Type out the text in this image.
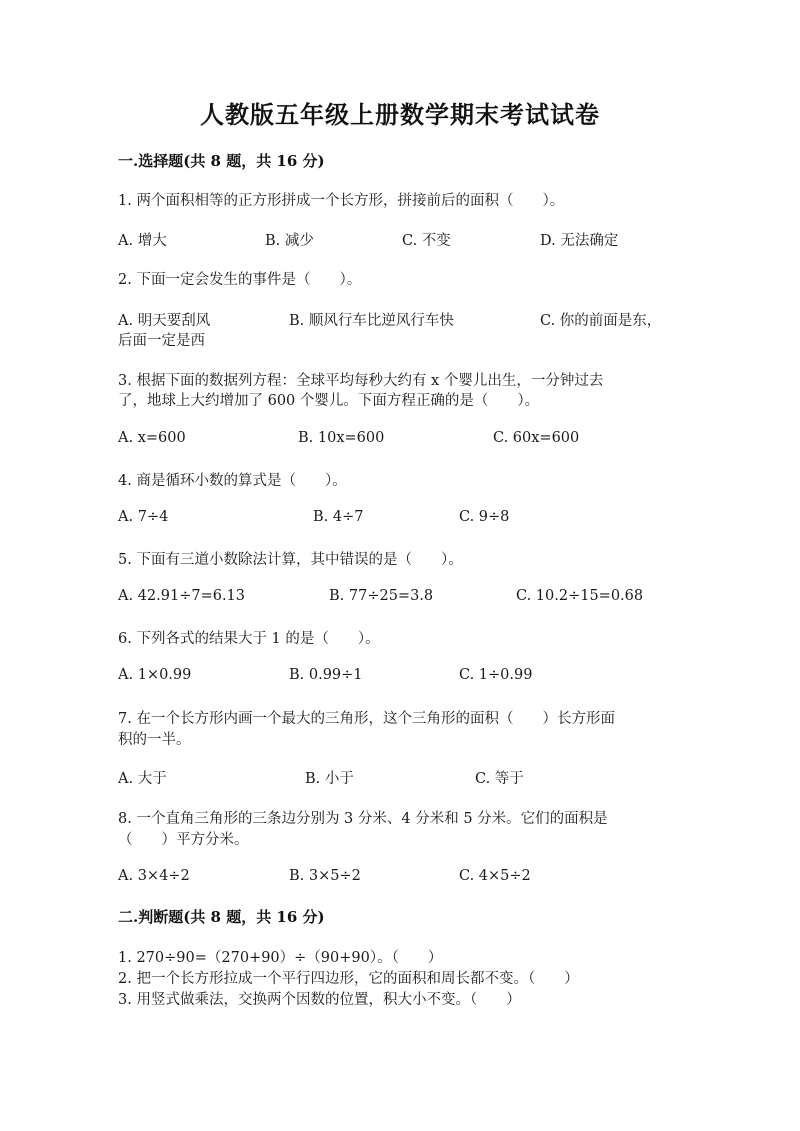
人教版五年级上册数学期末考试试卷
一.选择题(共 8 题，共 16 分)
1. 两个面积相等的正方形拼成一个长方形，拼接前后的面积（　　）。
A. 增大	B. 减少	C. 不变	D. 无法确定
2. 下面一定会发生的事件是（　　）。
A. 明天要刮风	B. 顺风行车比逆风行车快	C. 你的前面是东，
后面一定是西
3. 根据下面的数据列方程：全球平均每秒大约有 x 个婴儿出生，一分钟过去
了，地球上大约增加了 600 个婴儿。下面方程正确的是（　　）。
A. x=600	B. 10x=600	C. 60x=600
4. 商是循环小数的算式是（　　）。
A. 7÷4	B. 4÷7	C. 9÷8
5. 下面有三道小数除法计算，其中错误的是（　　）。
A. 42.91÷7=6.13	B. 77÷25=3.8	C. 10.2÷15=0.68
6. 下列各式的结果大于 1 的是（　　）。
A. 1×0.99	B. 0.99÷1	C. 1÷0.99
7. 在一个长方形内画一个最大的三角形，这个三角形的面积（　　）长方形面
积的一半。
A. 大于	B. 小于	C. 等于
8. 一个直角三角形的三条边分别为 3 分米、4 分米和 5 分米。它们的面积是
（　　）平方分米。
A. 3×4÷2	B. 3×5÷2	C. 4×5÷2
二.判断题(共 8 题，共 16 分)
1. 270÷90=（270+90）÷（90+90）。（　　）
2. 把一个长方形拉成一个平行四边形，它的面积和周长都不变。（　　）
3. 用竖式做乘法，交换两个因数的位置，积大小不变。（　　）
